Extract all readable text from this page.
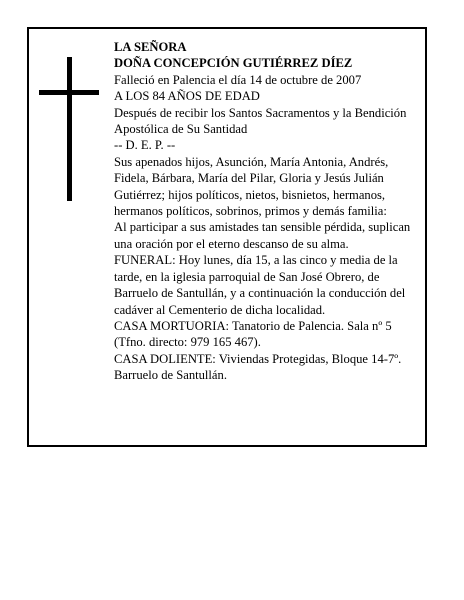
LA SEÑORA

DOÑA CONCEPCIÓN GUTIÉRREZ DÍEZ

Falleció en Palencia el día 14 de octubre de 2007

A LOS 84 AÑOS DE EDAD

Después de recibir los Santos Sacramentos y la Bendición Apostólica de Su Santidad

-- D. E. P. --

Sus apenados hijos, Asunción, María Antonia, Andrés, Fidela, Bárbara, María del Pilar, Gloria y Jesús Julián Gutiérrez; hijos políticos, nietos, bisnietos, hermanos, hermanos políticos, sobrinos, primos y demás familia:

Al participar a sus amistades tan sensible pérdida, suplican una oración por el eterno descanso de su alma.

FUNERAL: Hoy lunes, día 15, a las cinco y media de la tarde, en la iglesia parroquial de San José Obrero, de Barruelo de Santullán, y a continuación la conducción del cadáver al Cementerio de dicha localidad.

CASA MORTUORIA: Tanatorio de Palencia. Sala nº 5 (Tfno. directo: 979 165 467).

CASA DOLIENTE: Viviendas Protegidas, Bloque 14-7º. Barruelo de Santullán.
